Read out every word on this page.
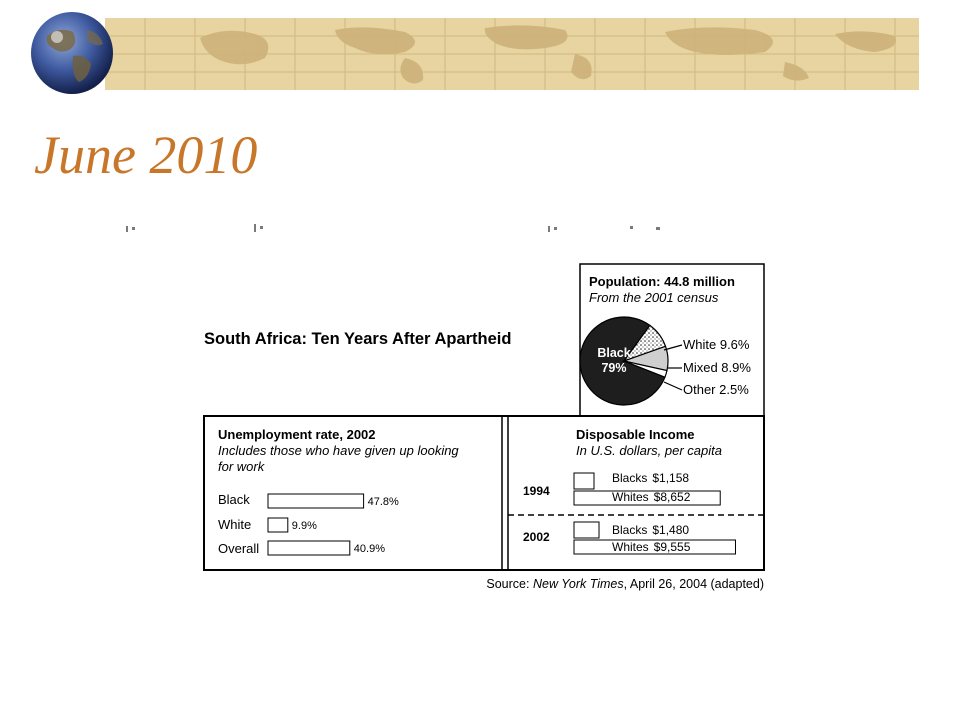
June 2010
South Africa: Ten Years After Apartheid
Population: 44.8 million
From the 2001 census
Black
79%
White 9.6%
Mixed 8.9%
Other 2.5%
Unemployment rate, 2002
Includes those who have given up looking
for work
Black
White
Overall
47.8%
9.9%
40.9%
Disposable Income
In U.S. dollars, per capita
1994
2002
Blacks $1,158
Whites $8,652
Blacks $1,480
Whites $9,555
Source: New York Times, April 26, 2004 (adapted)
